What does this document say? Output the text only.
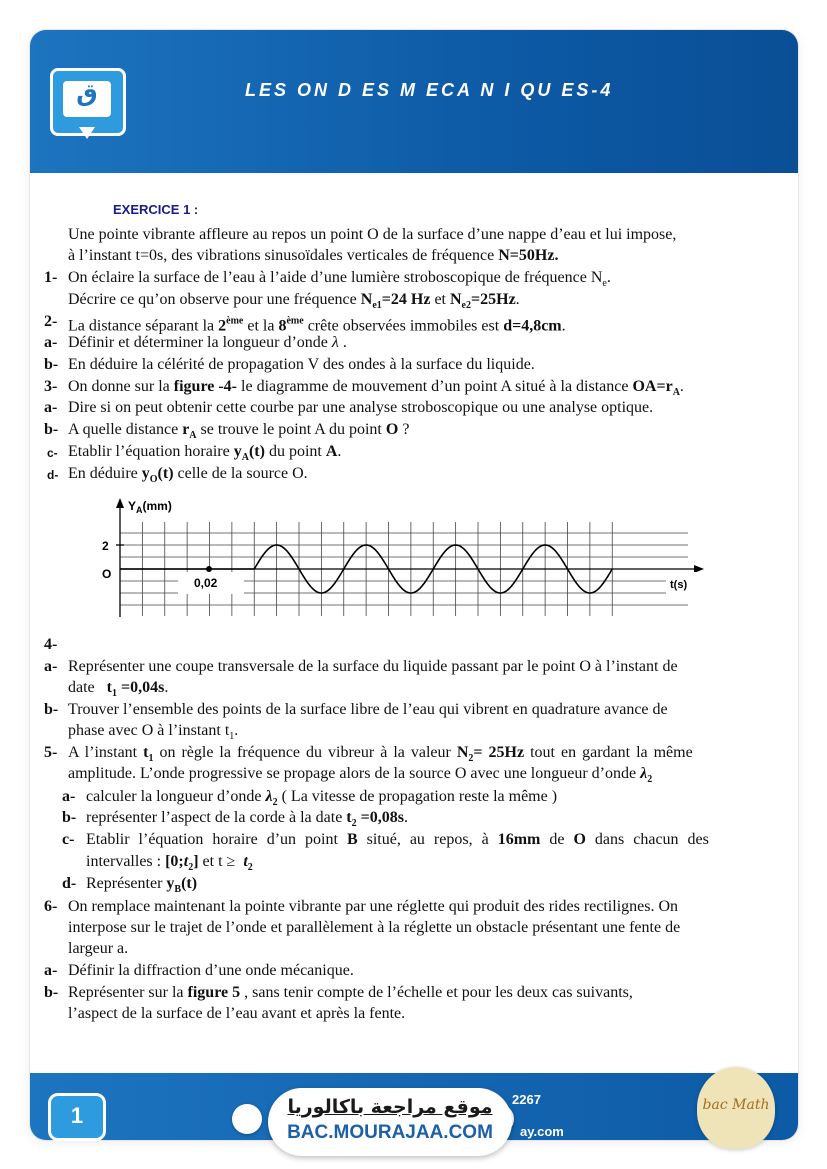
ق	LES ON D ES M ECA N I QU ES-4
EXERCICE 1 :
Une pointe vibrante affleure au repos un point O de la surface d’une nappe d’eau et lui impose,
à l’instant t=0s, des vibrations sinusoïdales verticales de fréquence N=50Hz.
1- On éclaire la surface de l’eau à l’aide d’une lumière stroboscopique de fréquence $N_e$.
Décrire ce qu’on observe pour une fréquence $N_{e1}=24$ Hz et $N_{e2}=25Hz$.
2- La distance séparant la 2ème et la 8ème crête observées immobiles est d=4,8cm.
a- Définir et déterminer la longueur d’onde λ .
b- En déduire la célérité de propagation V des ondes à la surface du liquide.
3- On donne sur la figure -4- le diagramme de mouvement d’un point A situé à la distance $OA=r_A$.
a- Dire si on peut obtenir cette courbe par une analyse stroboscopique ou une analyse optique.
b- A quelle distance $r_A$ se trouve le point A du point O ?
c- Etablir l’équation horaire $y_A(t)$ du point A.
d- En déduire $y_O(t)$ celle de la source O.
$Y_A(mm)$
0,02	t(s)
2
O
4-
a- Représenter une coupe transversale de la surface du liquide passant par le point O à l’instant de
date   $t_1 =0,04s$.
b- Trouver l’ensemble des points de la surface libre de l’eau qui vibrent en quadrature avance de
phase avec O à l’instant $t_1$.
5- A l’instant $t_1$ on règle la fréquence du vibreur à la valeur $N_2= 25Hz$ tout en gardant la même
amplitude. L’onde progressive se propage alors de la source O avec une longueur d’onde $\lambda_2$
a- calculer la longueur d’onde $\lambda_2$ ( La vitesse de propagation reste la même )
b- représenter l’aspect de la corde à la date $t_2 =0,08s$.
c- Etablir l’équation horaire d’un point B situé, au repos, à 16mm de O dans chacun des
intervalles : $[0;t_2]$ et $t \ge t_2$
d- Représenter $y_B(t)$
6- On remplace maintenant la pointe vibrante par une réglette qui produit des rides rectilignes. On
interpose sur le trajet de l’onde et parallèlement à la réglette un obstacle présentant une fente de
largeur a.
a- Définir la diffraction d’une onde mécanique.
b- Représenter sur la figure 5 , sans tenir compte de l’échelle et pour les deux cas suivants,
l’aspect de la surface de l’eau avant et après la fente.
1
2267
ay.com
موقع مراجعة باكالوريا
BAC.MOURAJAA.COM
bac Math
